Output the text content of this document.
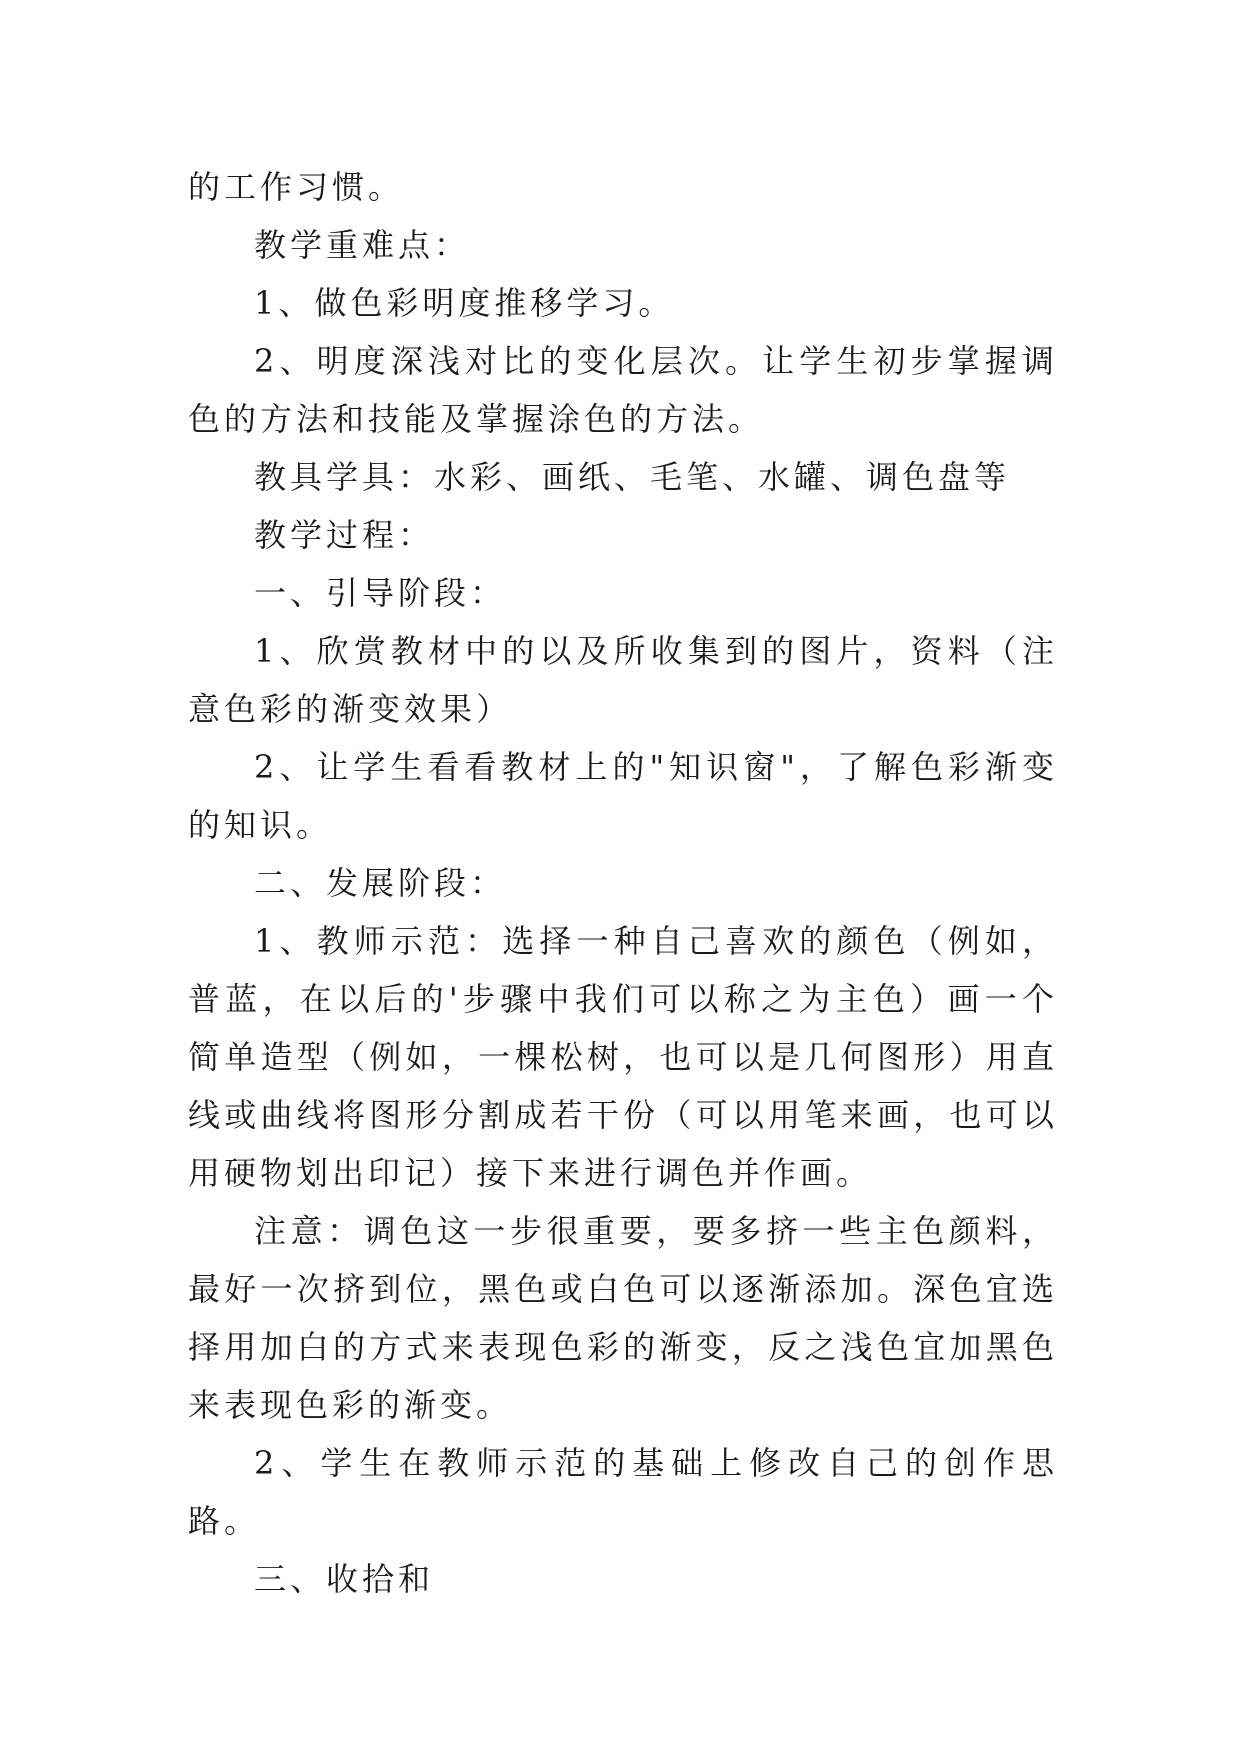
的工作习惯。

教学重难点：

1、做色彩明度推移学习。

2、明度深浅对比的变化层次。让学生初步掌握调色的方法和技能及掌握涂色的方法。

教具学具：水彩、画纸、毛笔、水罐、调色盘等

教学过程：

一、引导阶段：

1、欣赏教材中的以及所收集到的图片，资料（注意色彩的渐变效果）

2、让学生看看教材上的"知识窗"，了解色彩渐变的知识。

二、发展阶段：

1、教师示范：选择一种自己喜欢的颜色（例如，普蓝，在以后的'步骤中我们可以称之为主色）画一个简单造型（例如，一棵松树，也可以是几何图形）用直线或曲线将图形分割成若干份（可以用笔来画，也可以用硬物划出印记）接下来进行调色并作画。

注意：调色这一步很重要，要多挤一些主色颜料，最好一次挤到位，黑色或白色可以逐渐添加。深色宜选择用加白的方式来表现色彩的渐变，反之浅色宜加黑色来表现色彩的渐变。

2、学生在教师示范的基础上修改自己的创作思路。

三、收拾和
